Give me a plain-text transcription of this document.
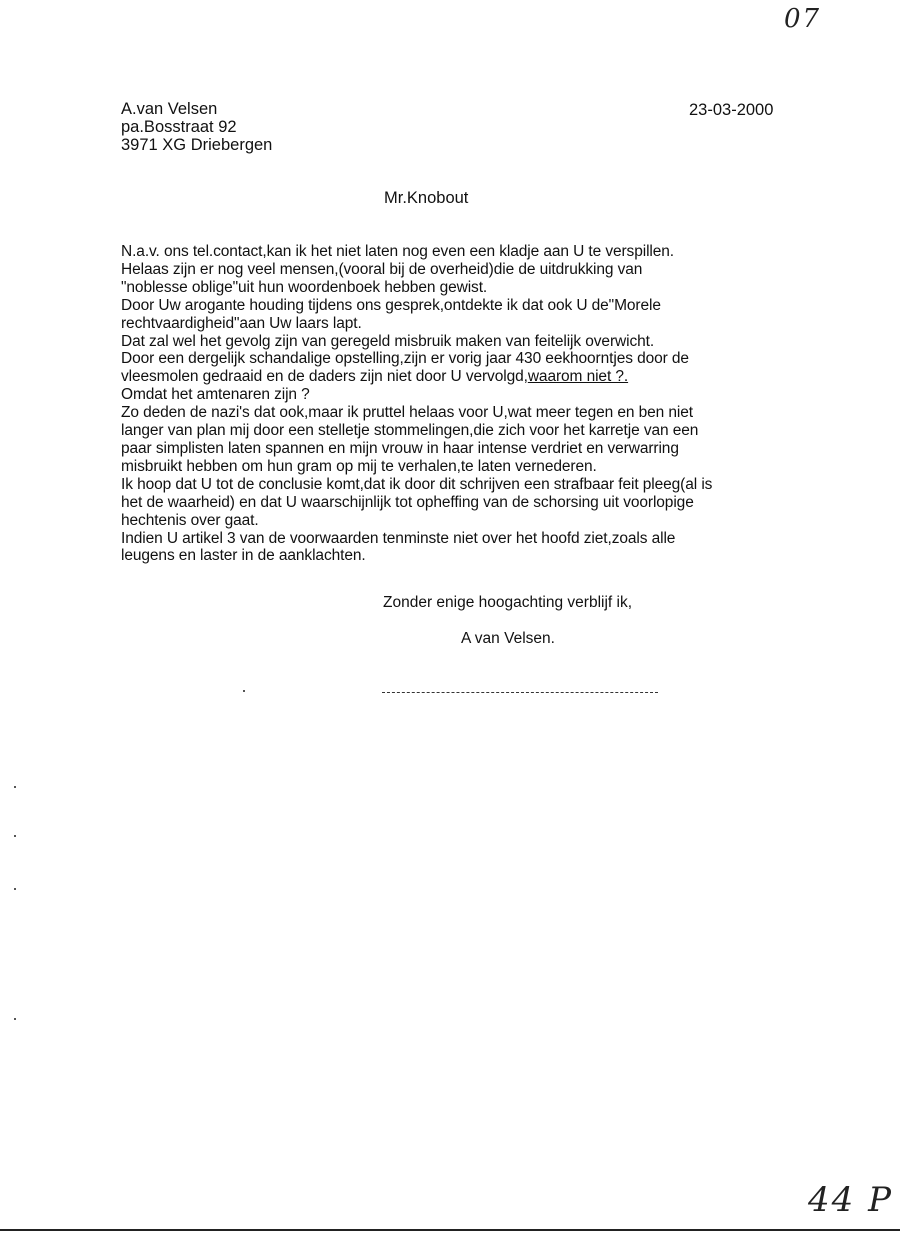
07
A.van Velsen
pa.Bosstraat 92
3971 XG Driebergen
23-03-2000
Mr.Knobout
N.a.v. ons tel.contact,kan ik het niet laten nog even een kladje aan U te verspillen.
Helaas zijn er nog veel mensen,(vooral bij de overheid)die de uitdrukking van
"noblesse oblige"uit hun woordenboek hebben gewist.
Door Uw arogante houding tijdens ons gesprek,ontdekte ik dat ook U de"Morele
rechtvaardigheid"aan Uw laars lapt.
Dat zal wel het gevolg zijn van geregeld misbruik maken van feitelijk overwicht.
Door een dergelijk schandalige opstelling,zijn er vorig jaar 430 eekhoorntjes door de
vleesmolen gedraaid en de daders zijn niet door U vervolgd,waarom niet ?.
Omdat het amtenaren zijn ?
Zo deden de nazi's dat ook,maar ik pruttel helaas voor U,wat meer tegen en ben niet
langer van plan mij door een stelletje stommelingen,die zich voor het karretje van een
paar simplisten laten spannen en mijn vrouw in haar intense verdriet en verwarring
misbruikt hebben om hun gram op mij te verhalen,te laten vernederen.
Ik hoop dat U tot de conclusie komt,dat ik door dit schrijven een strafbaar feit pleeg(al is
het de waarheid) en dat U waarschijnlijk tot opheffing van de schorsing uit voorlopige
hechtenis over gaat.
Indien U artikel 3 van de voorwaarden tenminste niet over het hoofd ziet,zoals alle
leugens en laster in de aanklachten.
Zonder enige hoogachting verblijf ik,
A van Velsen.
44 P
